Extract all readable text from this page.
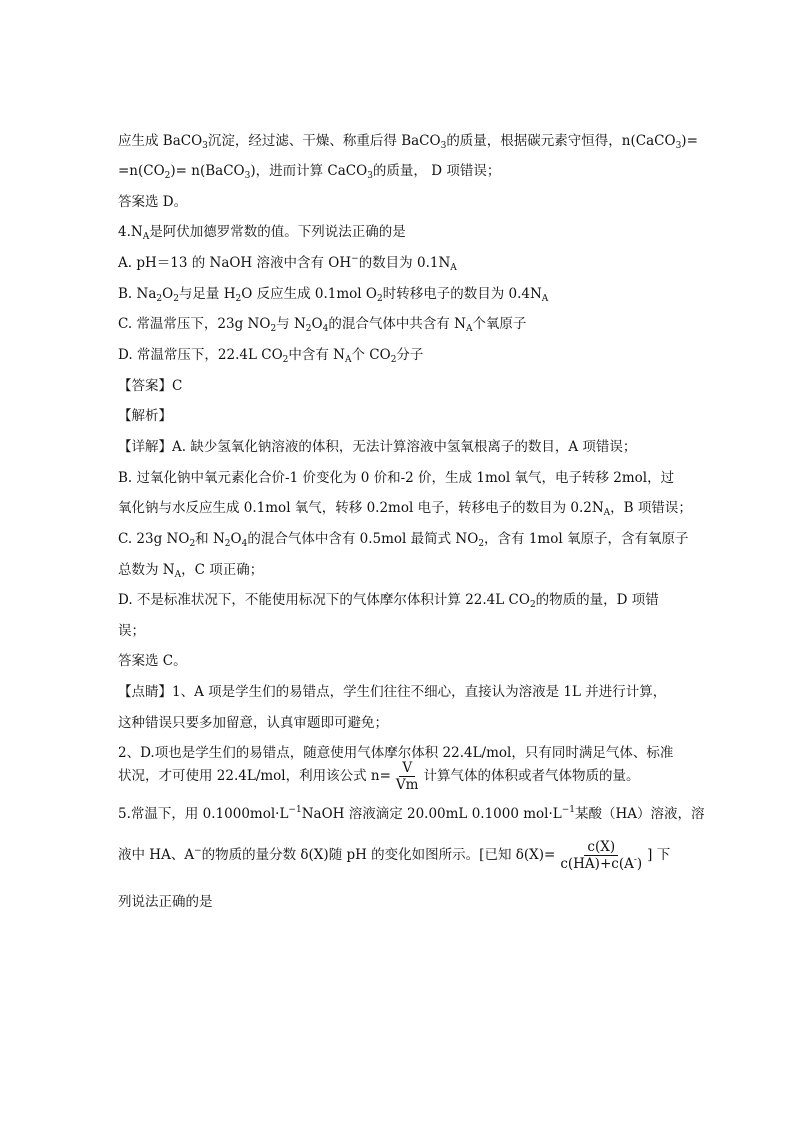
应生成 BaCO$_3$沉淀，经过滤、干燥、称重后得 BaCO$_3$的质量，根据碳元素守恒得，n(CaCO$_3$)=
$=n(CO_2)=$ n(BaCO$_3$)，进而计算 CaCO$_3$的质量， D 项错误；
答案选 D。
$4.N_A$是阿伏加德罗常数的值。下列说法正确的是
A. pH＝13 的 NaOH 溶液中含有 OH−的数目为 $0.1N_A$
B. $Na_2O_2$与足量 $H_2O$ 反应生成 0.1mol $O_2$时转移电子的数目为 $0.4N_A$
C. 常温常压下，23g $NO_2$与 $N_2O_4$的混合气体中共含有 $N_A$个氧原子
D. 常温常压下，22.4L $CO_2$中含有 $N_A$个 $CO_2$分子
【答案】C
【解析】
【详解】A. 缺少氢氧化钠溶液的体积，无法计算溶液中氢氧根离子的数目，A 项错误；
B. 过氧化钠中氧元素化合价-1 价变化为 0 价和-2 价，生成 1mol 氧气，电子转移 2mol，过
氧化钠与水反应生成 0.1mol 氧气，转移 0.2mol 电子，转移电子的数目为 $0.2N_A$，B 项错误；
C. 23g $NO_2$和 $N_2O_4$的混合气体中含有 0.5mol 最简式 $NO_2$，含有 1mol 氧原子，含有氧原子
总数为 $N_A$，C 项正确；
D. 不是标准状况下，不能使用标况下的气体摩尔体积计算 22.4L $CO_2$的物质的量，D 项错
误；
答案选 C。
【点睛】1、A 项是学生们的易错点，学生们往往不细心，直接认为溶液是 1L 并进行计算，
这种错误只要多加留意，认真审题即可避免；
2、D.项也是学生们的易错点，随意使用气体摩尔体积 22.4L/mol，只有同时满足气体、标准
状况，才可使用 22.4L/mol，利用该公式 $n= \frac{V}{Vm}$ 计算气体的体积或者气体物质的量。
5.常温下，用 $0.1000mol\cdot L^{-1}NaOH$ 溶液滴定 20.00mL 0.1000 $mol\cdot L^{-1}$某酸（HA）溶液，溶
液中 HA、A−的物质的量分数 δ(X)随 pH 的变化如图所示。[已知 $\delta(X)= \frac{c(X)}{c(HA)+c(A^-)}$ ] 下
列说法正确的是
